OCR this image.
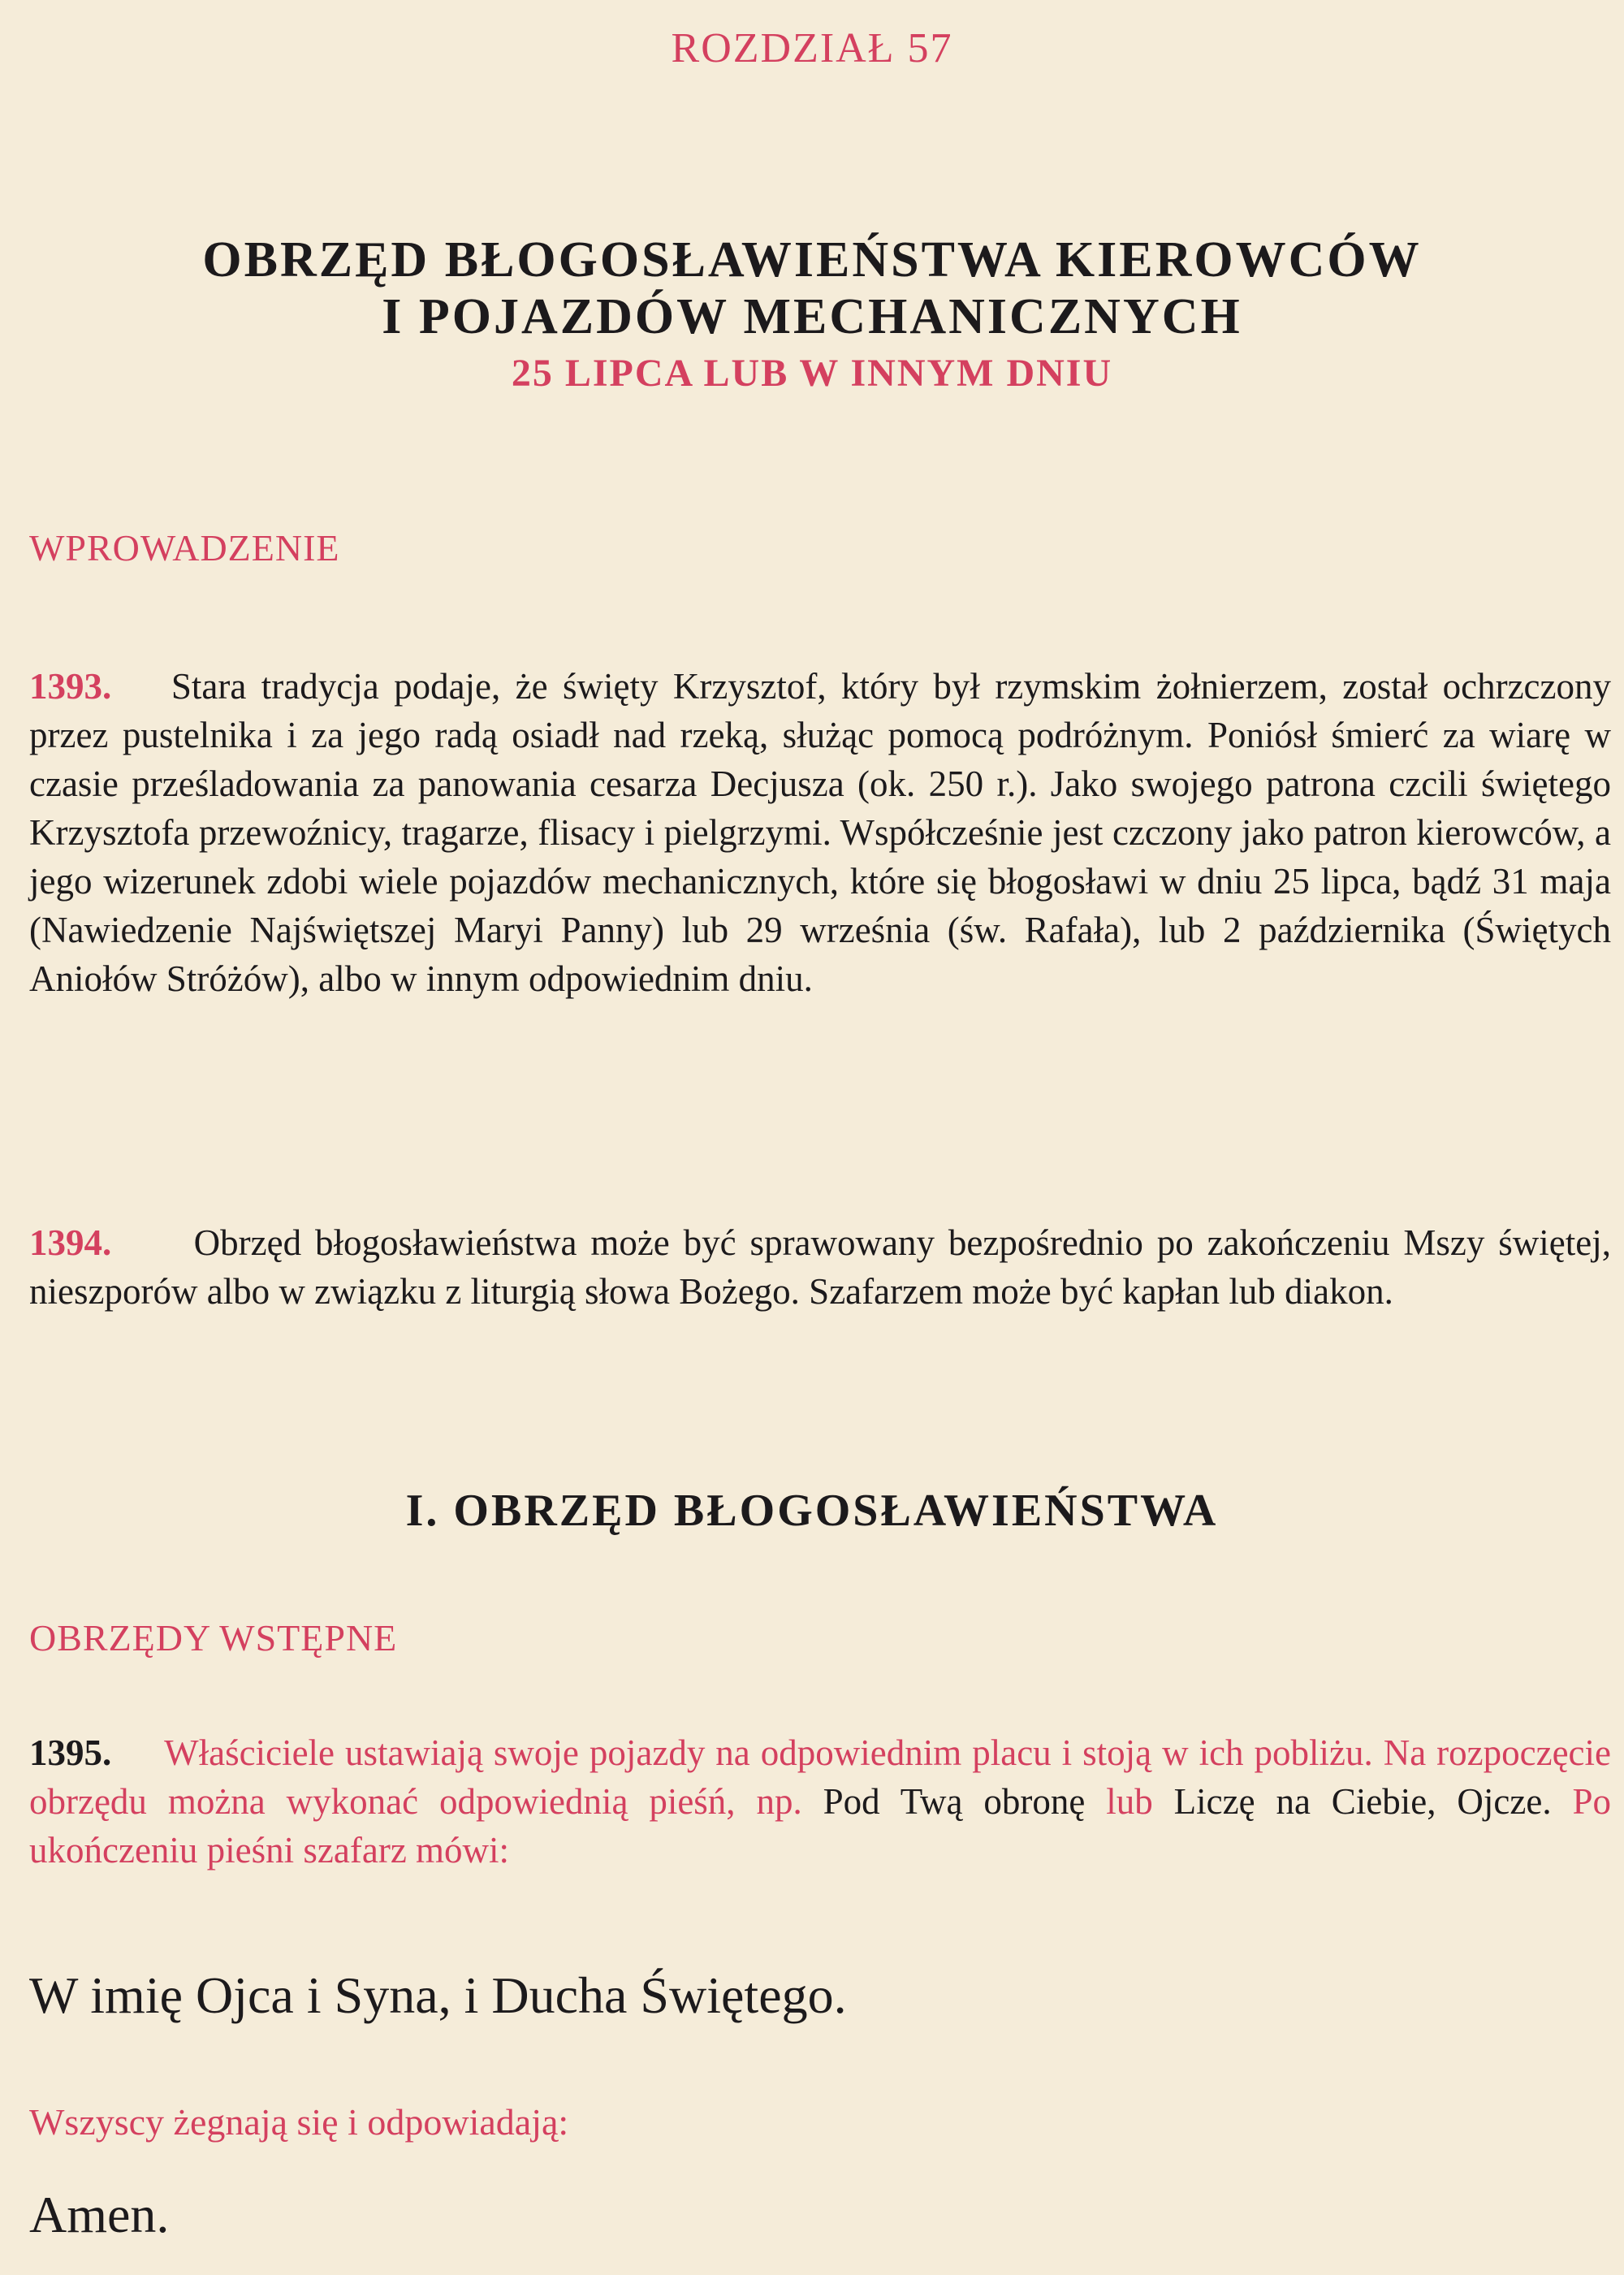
ROZDZIAŁ 57
OBRZĘD BŁOGOSŁAWIEŃSTWA KIEROWCÓW
I POJAZDÓW MECHANICZNYCH
25 LIPCA LUB W INNYM DNIU
WPROWADZENIE

1393. Stara tradycja podaje, że święty Krzysztof, który był rzymskim żołnierzem, został ochrzczony przez pustelnika i za jego radą osiadł nad rzeką, służąc pomocą podróżnym. Poniósł śmierć za wiarę w czasie prześladowania za panowania cesarza Decjusza (ok. 250 r.). Jako swojego patrona czcili świętego Krzysztofa przewoźnicy, tragarze, flisacy i pielgrzymi. Współcześnie jest czczony jako patron kierowców, a jego wizerunek zdobi wiele pojazdów mechanicznych, które się błogosławi w dniu 25 lipca, bądź 31 maja (Nawiedzenie Najświętszej Maryi Panny) lub 29 września (św. Rafała), lub 2 października (Świętych Aniołów Stróżów), albo w innym odpowiednim dniu.

1394. Obrzęd błogosławieństwa może być sprawowany bezpośrednio po zakończeniu Mszy świętej, nieszporów albo w związku z liturgią słowa Bożego. Szafarzem może być kapłan lub diakon.

I. OBRZĘD BŁOGOSŁAWIEŃSTWA
OBRZĘDY WSTĘPNE

1395. Właściciele ustawiają swoje pojazdy na odpowiednim placu i stoją w ich pobliżu. Na rozpoczęcie obrzędu można wykonać odpowiednią pieśń, np. Pod Twą obronę lub Liczę na Ciebie, Ojcze. Po ukończeniu pieśni szafarz mówi:

W imię Ojca i Syna, i Ducha Świętego.
Wszyscy żegnają się i odpowiadają:
Amen.
